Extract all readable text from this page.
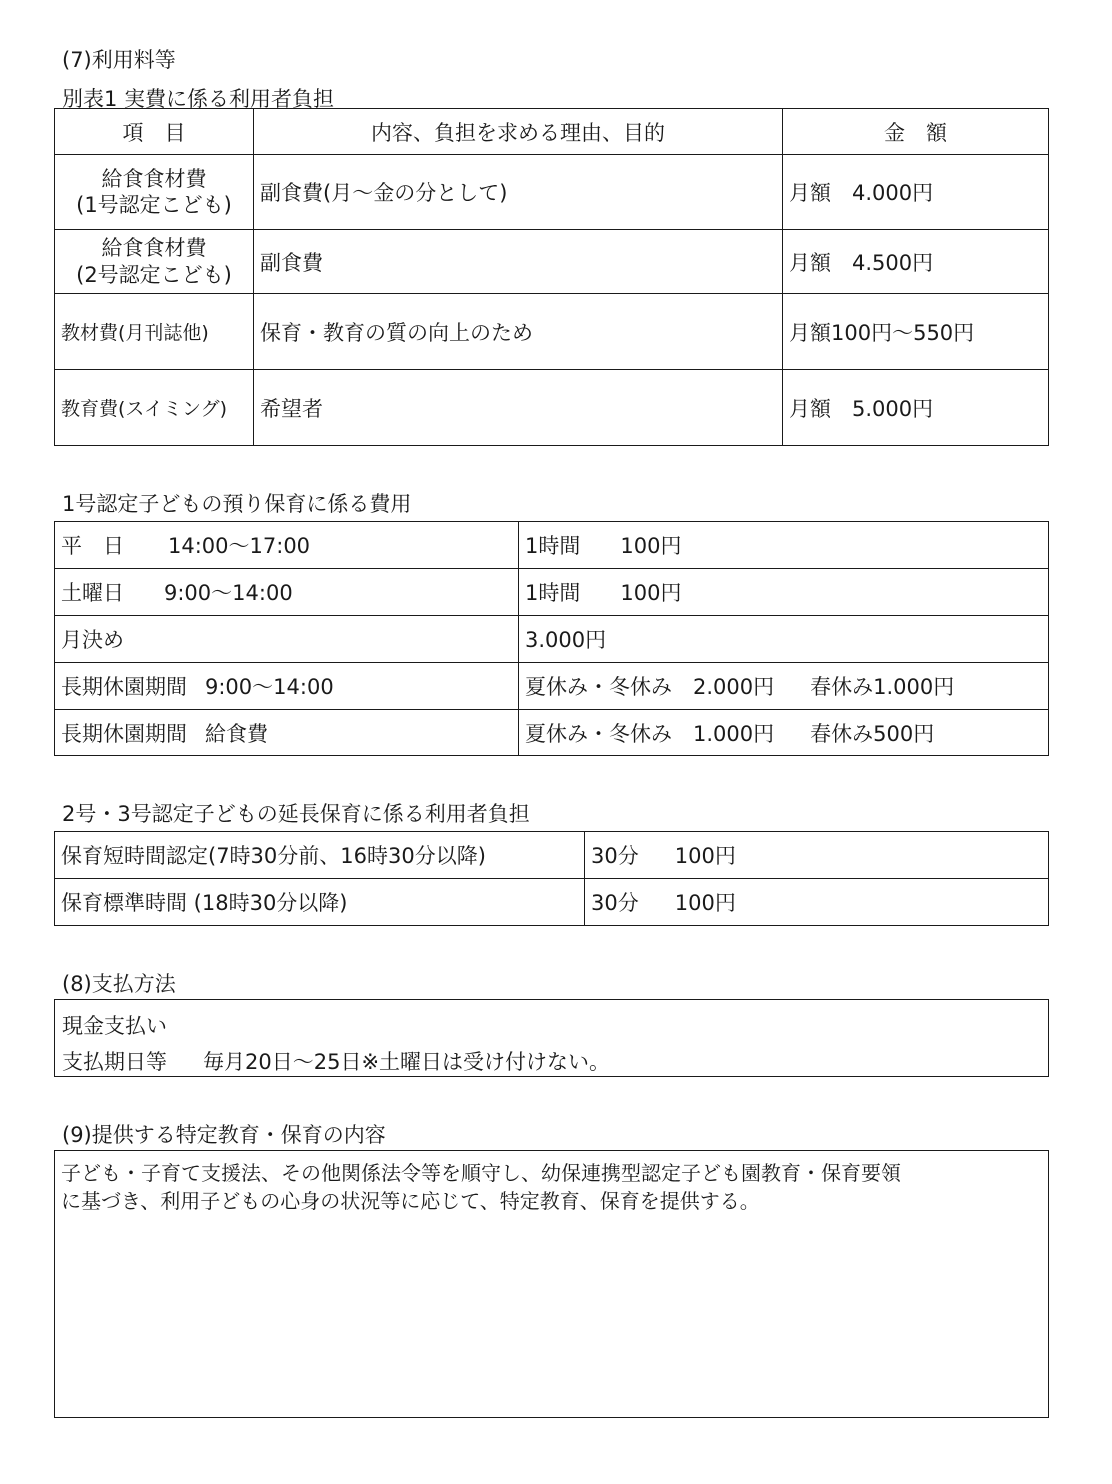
(7)利用料等
別表1 実費に係る利用者負担
項　目	内容、負担を求める理由、目的	金　額

給食食材費
(1号認定こども)	副食費(月～金の分として)	月額　4.000円

給食食材費
(2号認定こども)	副食費	月額　4.500円
教材費(月刊誌他)	保育・教育の質の向上のため	月額100円～550円
教育費(スイミング)	希望者	月額　5.000円
1号認定子どもの預り保育に係る費用
平　日 14:00～17:00	1時間 100円
土曜日 9:00～14:00	1時間 100円
月決め	3.000円
長期休園期間 9:00～14:00	夏休み・冬休み　2.000円 春休み1.000円
長期休園期間 給食費	夏休み・冬休み　1.000円 春休み500円
2号・3号認定子どもの延長保育に係る利用者負担
保育短時間認定(7時30分前、16時30分以降)	30分 100円
保育標準時間 (18時30分以降)	30分 100円
(8)支払方法
現金支払い
支払期日等 毎月20日～25日※土曜日は受け付けない。
(9)提供する特定教育・保育の内容
子ども・子育て支援法、その他関係法令等を順守し、幼保連携型認定子ども園教育・保育要領
に基づき、利用子どもの心身の状況等に応じて、特定教育、保育を提供する。
